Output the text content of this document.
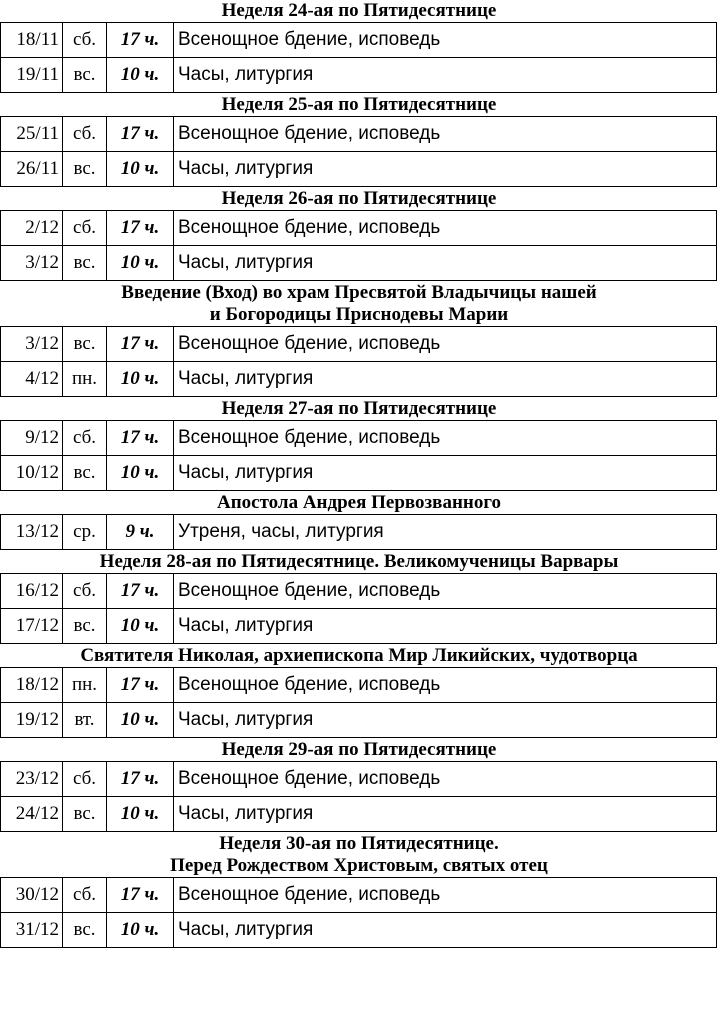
Неделя 24-ая по Пятидесятнице
18/11	сб.	17 ч.	Всенощное бдение, исповедь
19/11	вс.	10 ч.	Часы, литургия
Неделя 25-ая по Пятидесятнице
25/11	сб.	17 ч.	Всенощное бдение, исповедь
26/11	вс.	10 ч.	Часы, литургия
Неделя 26-ая по Пятидесятнице
2/12	сб.	17 ч.	Всенощное бдение, исповедь
3/12	вс.	10 ч.	Часы, литургия
Введение (Вход) во храм Пресвятой Владычицы нашей
и Богородицы Приснодевы Марии
3/12	вс.	17 ч.	Всенощное бдение, исповедь
4/12	пн.	10 ч.	Часы, литургия
Неделя 27-ая по Пятидесятнице
9/12	сб.	17 ч.	Всенощное бдение, исповедь
10/12	вс.	10 ч.	Часы, литургия
Апостола Андрея Первозванного
13/12	ср.	9 ч.	Утреня, часы, литургия
Неделя 28-ая по Пятидесятнице. Великомученицы Варвары
16/12	сб.	17 ч.	Всенощное бдение, исповедь
17/12	вс.	10 ч.	Часы, литургия
Святителя Николая, архиепископа Мир Ликийских, чудотворца
18/12	пн.	17 ч.	Всенощное бдение, исповедь
19/12	вт.	10 ч.	Часы, литургия
Неделя 29-ая по Пятидесятнице
23/12	сб.	17 ч.	Всенощное бдение, исповедь
24/12	вс.	10 ч.	Часы, литургия
Неделя 30-ая по Пятидесятнице.
Перед Рождеством Христовым, святых отец
30/12	сб.	17 ч.	Всенощное бдение, исповедь
31/12	вс.	10 ч.	Часы, литургия
